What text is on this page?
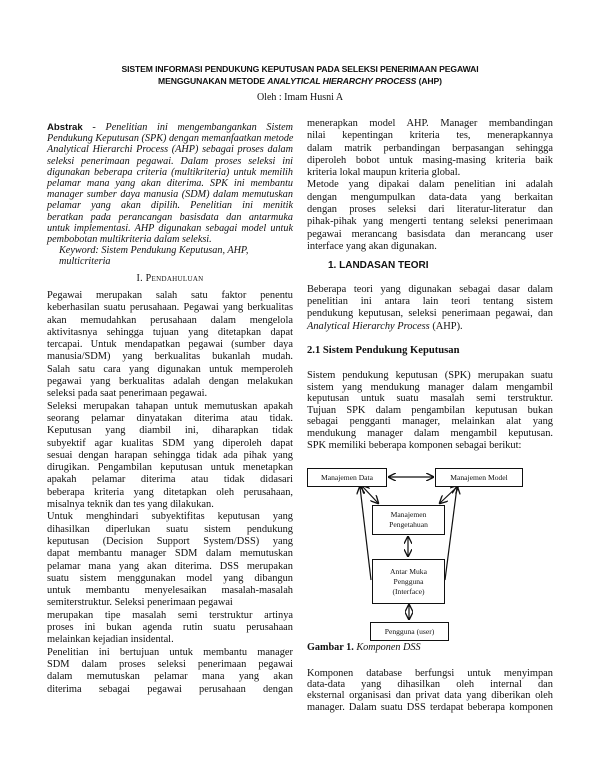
SISTEM INFORMASI PENDUKUNG KEPUTUSAN PADA SELEKSI PENERIMAAN PEGAWAI
MENGGUNAKAN METODE ANALYTICAL HIERARCHY PROCESS (AHP)
Oleh : Imam Husni A
Abstrak - Penelitian ini mengembangankan Sistem
Pendukung Keputusan (SPK) dengan memanfaatkan metode
Analytical Hierarchi Process (AHP) sebagai proses dalam
seleksi penerimaan pegawai. Dalam proses seleksi ini
digunakan beberapa criteria (multikriteria) untuk memilih
pelamar mana yang akan diterima. SPK ini membantu
manager sumber daya manusia (SDM) dalam memutuskan
pelamar yang akan dipilih. Penelitian ini menitik
beratkan pada perancangan basisdata dan antarmuka
untuk implementasi. AHP digunakan sebagai model untuk
pembobotan multikriteria dalam seleksi.
Keyword: Sistem Pendukung Keputusan, AHP, multicriteria
I. Pendahuluan
Pegawai merupakan salah satu faktor penentu
keberhasilan suatu perusahaan. Pegawai yang berkualitas
akan memudahkan perusahaan dalam mengelola
aktivitasnya sehingga tujuan yang ditetapkan dapat
tercapai. Untuk mendapatkan pegawai (sumber daya
manusia/SDM) yang berkualitas bukanlah mudah.
Salah satu cara yang digunakan untuk memperoleh
pegawai yang berkualitas adalah dengan melakukan
seleksi pada saat penerimaan pegawai.
Seleksi merupakan tahapan untuk memutuskan apakah
seorang pelamar dinyatakan diterima atau tidak.
Keputusan yang diambil ini, diharapkan tidak
subyektif agar kualitas SDM yang diperoleh dapat
sesuai dengan harapan sehingga tidak ada pihak yang
dirugikan. Pengambilan keputusan untuk menetapkan
apakah pelamar diterima atau tidak didasari
beberapa kriteria yang ditetapkan oleh perusahaan,
misalnya teknik dan tes yang dilakukan.
Untuk menghindari subyektifitas keputusan yang
dihasilkan diperlukan suatu sistem pendukung
keputusan (Decision Support System/DSS) yang
dapat membantu manager SDM dalam memutuskan
pelamar mana yang akan diterima. DSS merupakan
suatu sistem menggunakan model yang dibangun
untuk membantu menyelesaikan masalah-masalah
semiterstruktur. Seleksi penerimaan pegawai
merupakan tipe masalah semi terstruktur artinya
proses ini bukan agenda rutin suatu perusahaan
melainkan kejadian insidental.
Penelitian ini bertujuan untuk membantu manager
SDM dalam proses seleksi penerimaan pegawai
dalam memutuskan pelamar mana yang akan
diterima sebagai pegawai perusahaan dengan
menerapkan model AHP. Manager membandingan
nilai kepentingan kriteria tes, menerapkannya
dalam matrik perbandingan berpasangan sehingga
diperoleh bobot untuk masing-masing kriteria baik
kriteria lokal maupun kriteria global.
Metode yang dipakai dalam penelitian ini adalah
dengan mengumpulkan data-data yang berkaitan
dengan proses seleksi dari literatur-literatur dan
pihak-pihak yang mengerti tentang seleksi penerimaan
pegawai merancang basisdata dan merancang user
interface yang akan digunakan.
1. LANDASAN TEORI
Beberapa teori yang digunakan sebagai dasar dalam
penelitian ini antara lain teori tentang sistem
pendukung keputusan, seleksi penerimaan pegawai, dan
Analytical Hierarchy Process (AHP).
2.1 Sistem Pendukung Keputusan
Sistem pendukung keputusan (SPK) merupakan suatu
sistem yang mendukung manager dalam mengambil
keputusan untuk suatu masalah semi terstruktur.
Tujuan SPK dalam pengambilan keputusan bukan
sebagai pengganti manager, melainkan alat yang
mendukung manager dalam mengambil keputusan.
SPK memiliki beberapa komponen sebagai berikut:
Manajemen Data	Manajemen Model
Manajemen
Pengetahuan
Antar Muka
Pengguna
(Interface)
Pengguna (user)
Gambar 1. Komponen DSS
Komponen database berfungsi untuk menyimpan
data-data yang dihasilkan oleh internal dan
eksternal organisasi dan privat data yang diberikan oleh
manager. Dalam suatu DSS terdapat beberapa komponen
